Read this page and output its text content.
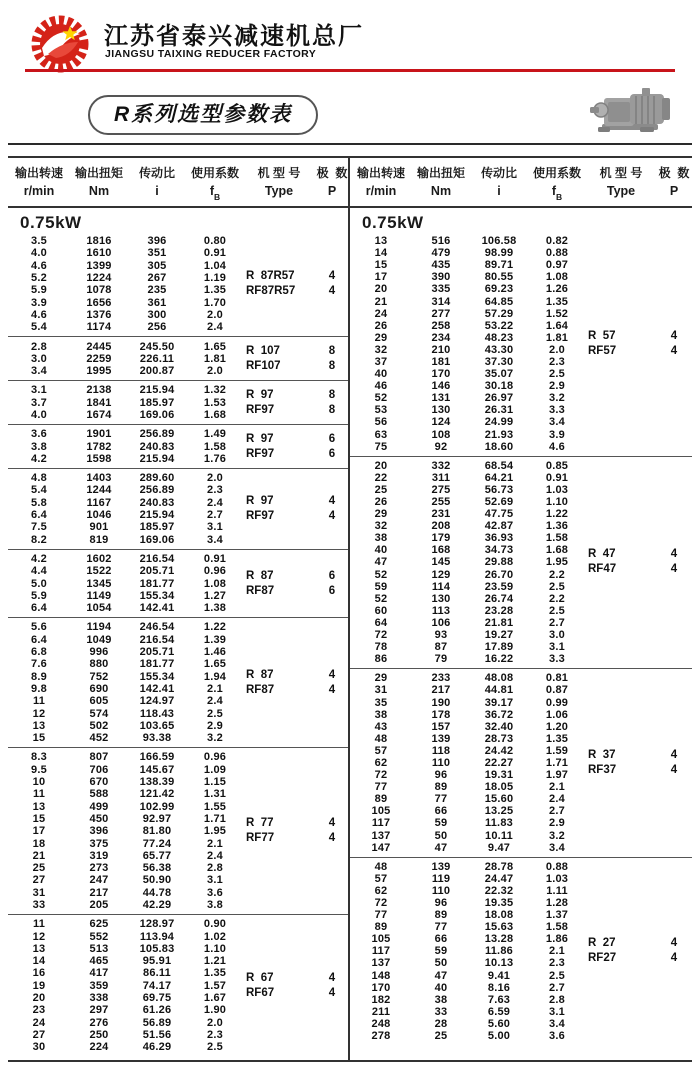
江苏省泰兴减速机总厂
JIANGSU TAIXING REDUCER FACTORY
R系列选型参数表
输出转速 输出扭矩	传动比	使用系数	机 型 号	极  数
r/min	Nm	i	$f_B$	Type	P
0.75kW
3.5	1816	396	0.80
4.0	1610	351	0.91
4.6	1399	305	1.04
5.2	1224	267	1.19
5.9	1078	235	1.35
3.9	1656	361	1.70
4.6	1376	300	2.0
5.4	1174	256	2.4
R  87R57
RF87R57
4
4
2.8	2445	245.50	1.65
3.0	2259	226.11	1.81
3.4	1995	200.87	2.0
R  107
RF107
8
8
3.1	2138	215.94	1.32
3.7	1841	185.97	1.53
4.0	1674	169.06	1.68
R  97
RF97
8
8
3.6	1901	256.89	1.49
3.8	1782	240.83	1.58
4.2	1598	215.94	1.76
R  97
RF97
6
6
4.8	1403	289.60	2.0
5.4	1244	256.89	2.3
5.8	1167	240.83	2.4
6.4	1046	215.94	2.7
7.5	901	185.97	3.1
8.2	819	169.06	3.4
R  97
RF97
4
4
4.2	1602	216.54	0.91
4.4	1522	205.71	0.96
5.0	1345	181.77	1.08
5.9	1149	155.34	1.27
6.4	1054	142.41	1.38
R  87
RF87
6
6
5.6	1194	246.54	1.22
6.4	1049	216.54	1.39
6.8	996	205.71	1.46
7.6	880	181.77	1.65
8.9	752	155.34	1.94
9.8	690	142.41	2.1
11	605	124.97	2.4
12	574	118.43	2.5
13	502	103.65	2.9
15	452	93.38	3.2
R  87
RF87
4
4
8.3	807	166.59	0.96
9.5	706	145.67	1.09
10	670	138.39	1.15
11	588	121.42	1.31
13	499	102.99	1.55
15	450	92.97	1.71
17	396	81.80	1.95
18	375	77.24	2.1
21	319	65.77	2.4
25	273	56.38	2.8
27	247	50.90	3.1
31	217	44.78	3.6
33	205	42.29	3.8
R  77
RF77
4
4
11	625	128.97	0.90
12	552	113.94	1.02
13	513	105.83	1.10
14	465	95.91	1.21
16	417	86.11	1.35
19	359	74.17	1.57
20	338	69.75	1.67
23	297	61.26	1.90
24	276	56.89	2.0
27	250	51.56	2.3
30	224	46.29	2.5
R  67
RF67
4
4
输出转速 输出扭矩	传动比	使用系数	机 型 号	极  数
r/min	Nm	i	$f_B$	Type	P
0.75kW
13	516	106.58	0.82
14	479	98.99	0.88
15	435	89.71	0.97
17	390	80.55	1.08
20	335	69.23	1.26
21	314	64.85	1.35
24	277	57.29	1.52
26	258	53.22	1.64
29	234	48.23	1.81
32	210	43.30	2.0
37	181	37.30	2.3
40	170	35.07	2.5
46	146	30.18	2.9
52	131	26.97	3.2
53	130	26.31	3.3
56	124	24.99	3.4
63	108	21.93	3.9
75	92	18.60	4.6
R  57
RF57
4
4
20	332	68.54	0.85
22	311	64.21	0.91
25	275	56.73	1.03
26	255	52.69	1.10
29	231	47.75	1.22
32	208	42.87	1.36
38	179	36.93	1.58
40	168	34.73	1.68
47	145	29.88	1.95
52	129	26.70	2.2
59	114	23.59	2.5
52	130	26.74	2.2
60	113	23.28	2.5
64	106	21.81	2.7
72	93	19.27	3.0
78	87	17.89	3.1
86	79	16.22	3.3
R  47
RF47
4
4
29	233	48.08	0.81
31	217	44.81	0.87
35	190	39.17	0.99
38	178	36.72	1.06
43	157	32.40	1.20
48	139	28.73	1.35
57	118	24.42	1.59
62	110	22.27	1.71
72	96	19.31	1.97
77	89	18.05	2.1
89	77	15.60	2.4
105	66	13.25	2.7
117	59	11.83	2.9
137	50	10.11	3.2
147	47	9.47	3.4
R  37
RF37
4
4
48	139	28.78	0.88
57	119	24.47	1.03
62	110	22.32	1.11
72	96	19.35	1.28
77	89	18.08	1.37
89	77	15.63	1.58
105	66	13.28	1.86
117	59	11.86	2.1
137	50	10.13	2.3
148	47	9.41	2.5
170	40	8.16	2.7
182	38	7.63	2.8
211	33	6.59	3.1
248	28	5.60	3.4
278	25	5.00	3.6
R  27
RF27
4
4
